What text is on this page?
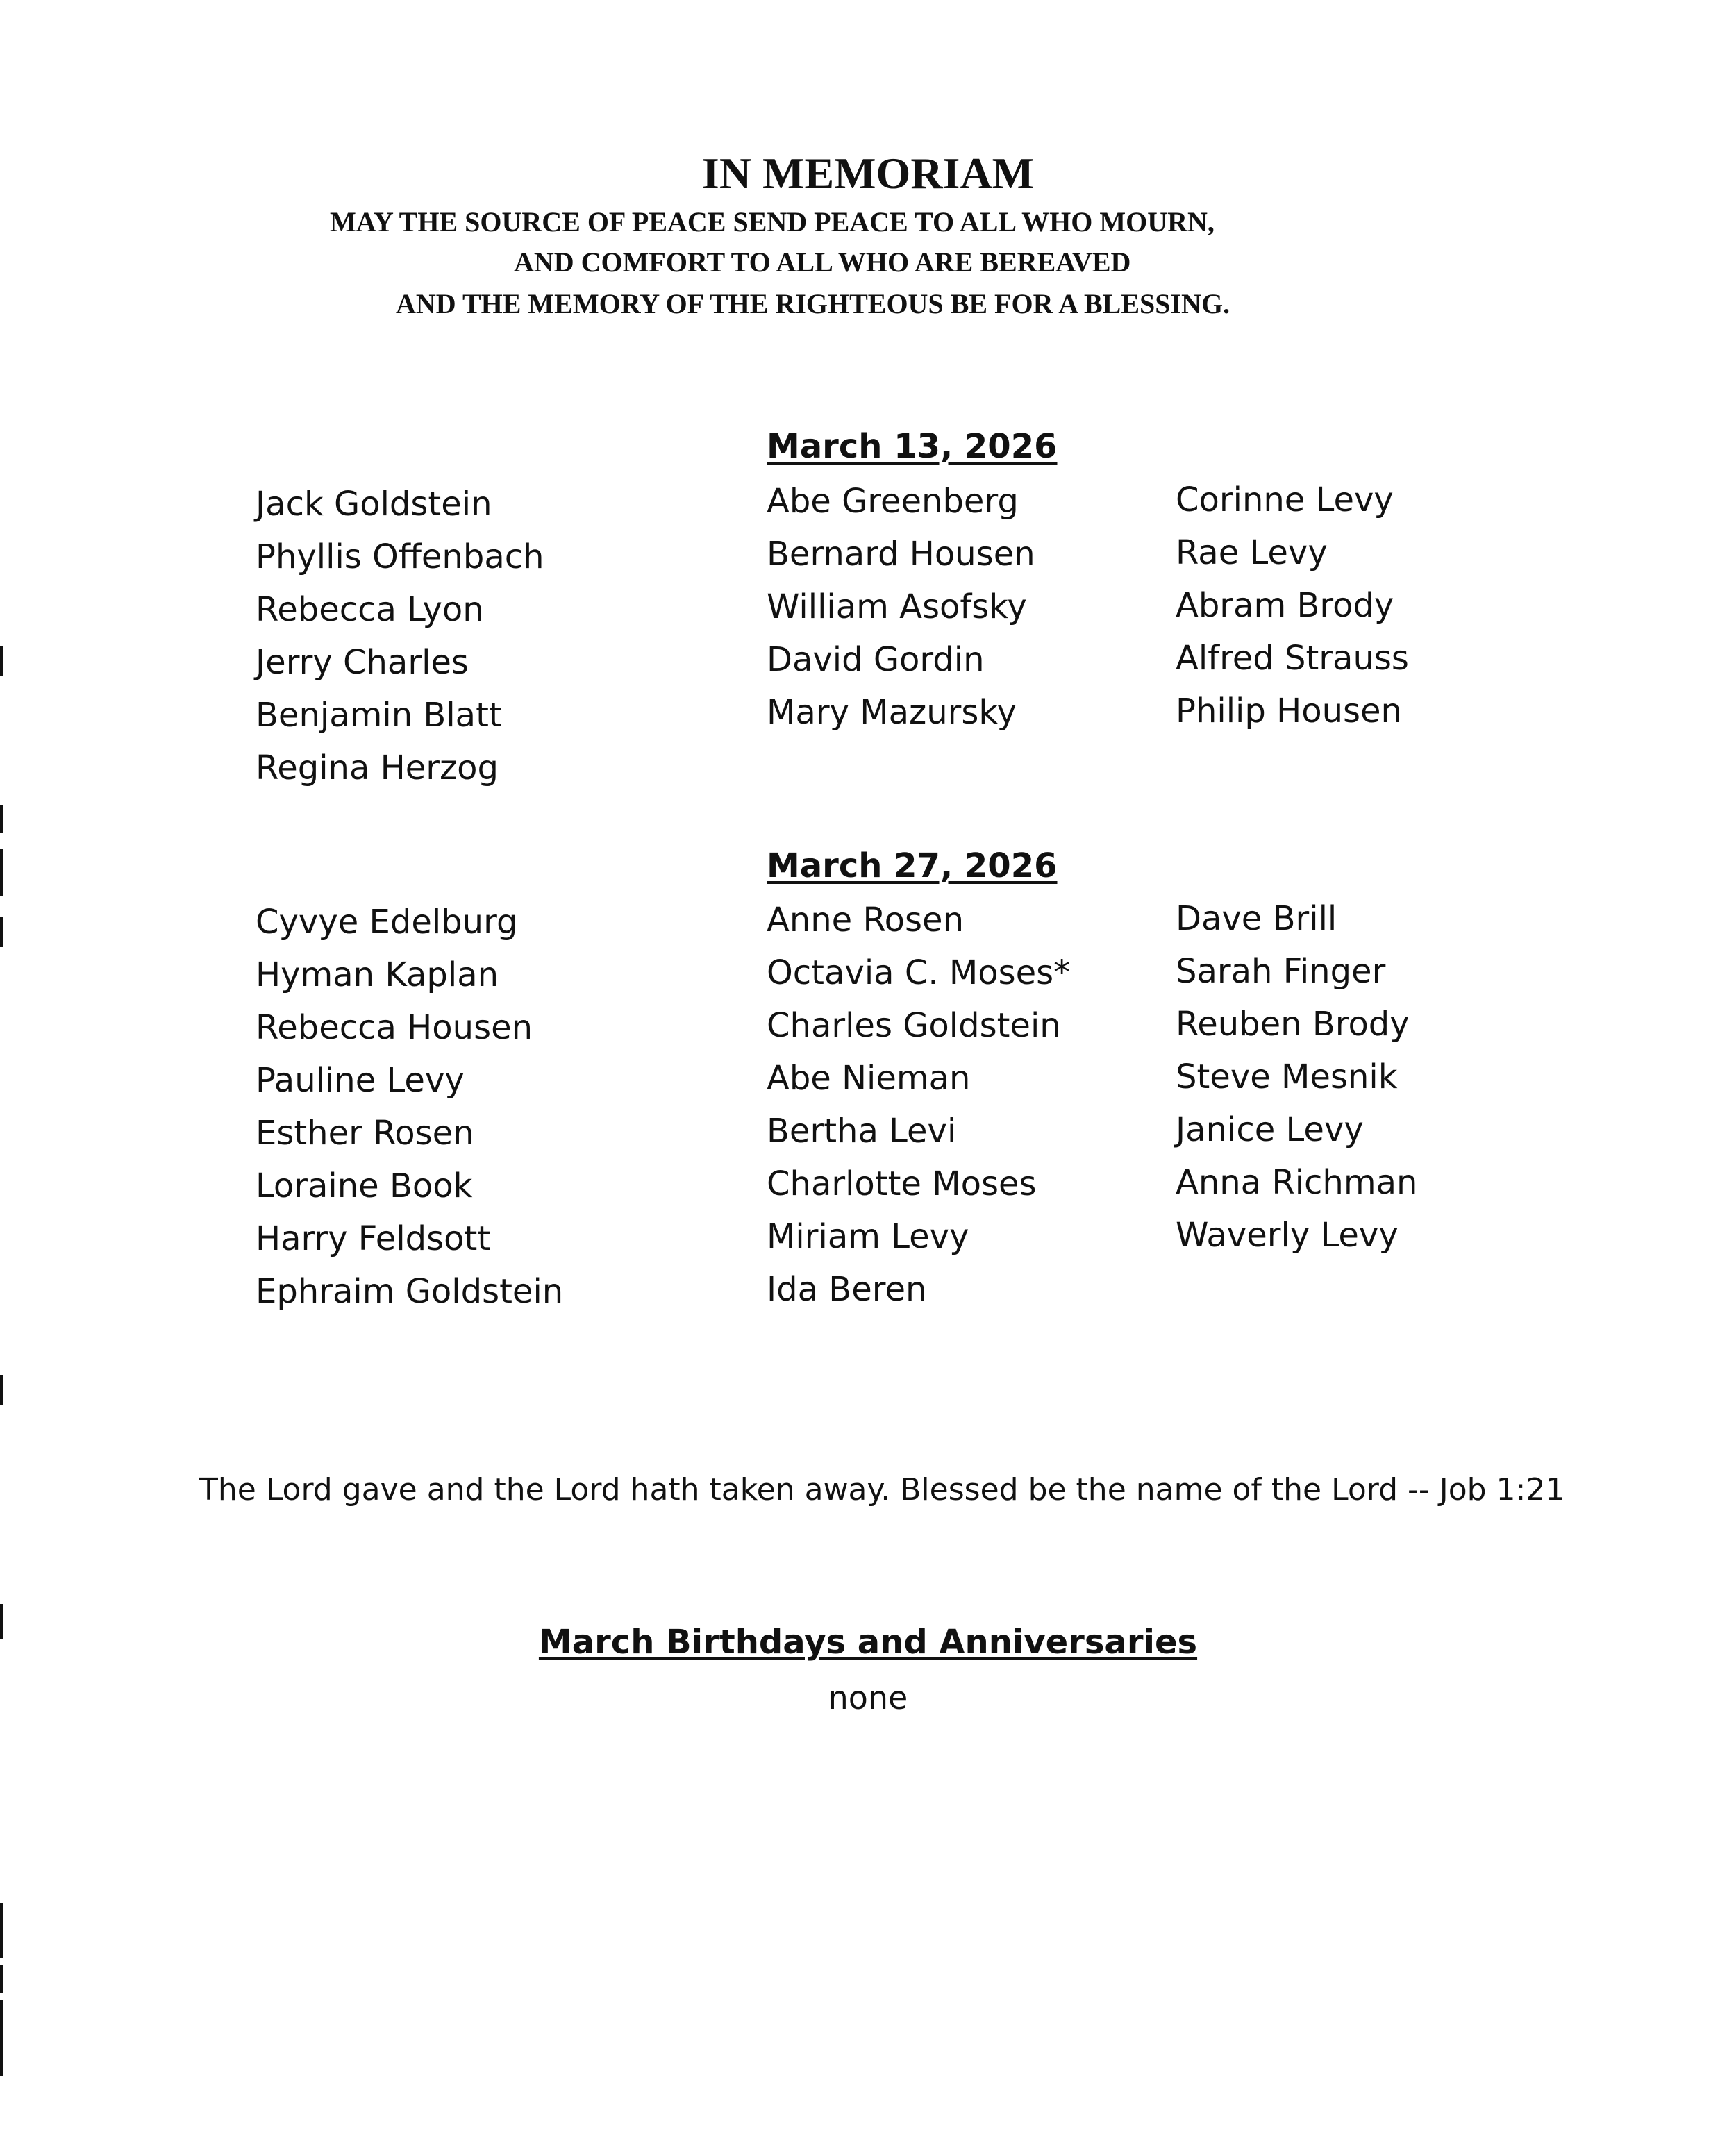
IN MEMORIAM
MAY THE SOURCE OF PEACE SEND PEACE TO ALL WHO MOURN,
AND COMFORT TO ALL WHO ARE BEREAVED
AND THE MEMORY OF THE RIGHTEOUS BE FOR A BLESSING.
March 13, 2026
Jack Goldstein
Phyllis Offenbach
Rebecca Lyon
Jerry Charles
Benjamin Blatt
Regina Herzog
Abe Greenberg
Bernard Housen
William Asofsky
David Gordin
Mary Mazursky
Corinne Levy
Rae Levy
Abram Brody
Alfred Strauss
Philip Housen
March 27, 2026
Cyvye Edelburg
Hyman Kaplan
Rebecca Housen
Pauline Levy
Esther Rosen
Loraine Book
Harry Feldsott
Ephraim Goldstein
Anne Rosen
Octavia C. Moses*
Charles Goldstein
Abe Nieman
Bertha Levi
Charlotte Moses
Miriam Levy
Ida Beren
Dave Brill
Sarah Finger
Reuben Brody
Steve Mesnik
Janice Levy
Anna Richman
Waverly Levy
The Lord gave and the Lord hath taken away. Blessed be the name of the Lord -- Job 1:21
March Birthdays and Anniversaries
none
